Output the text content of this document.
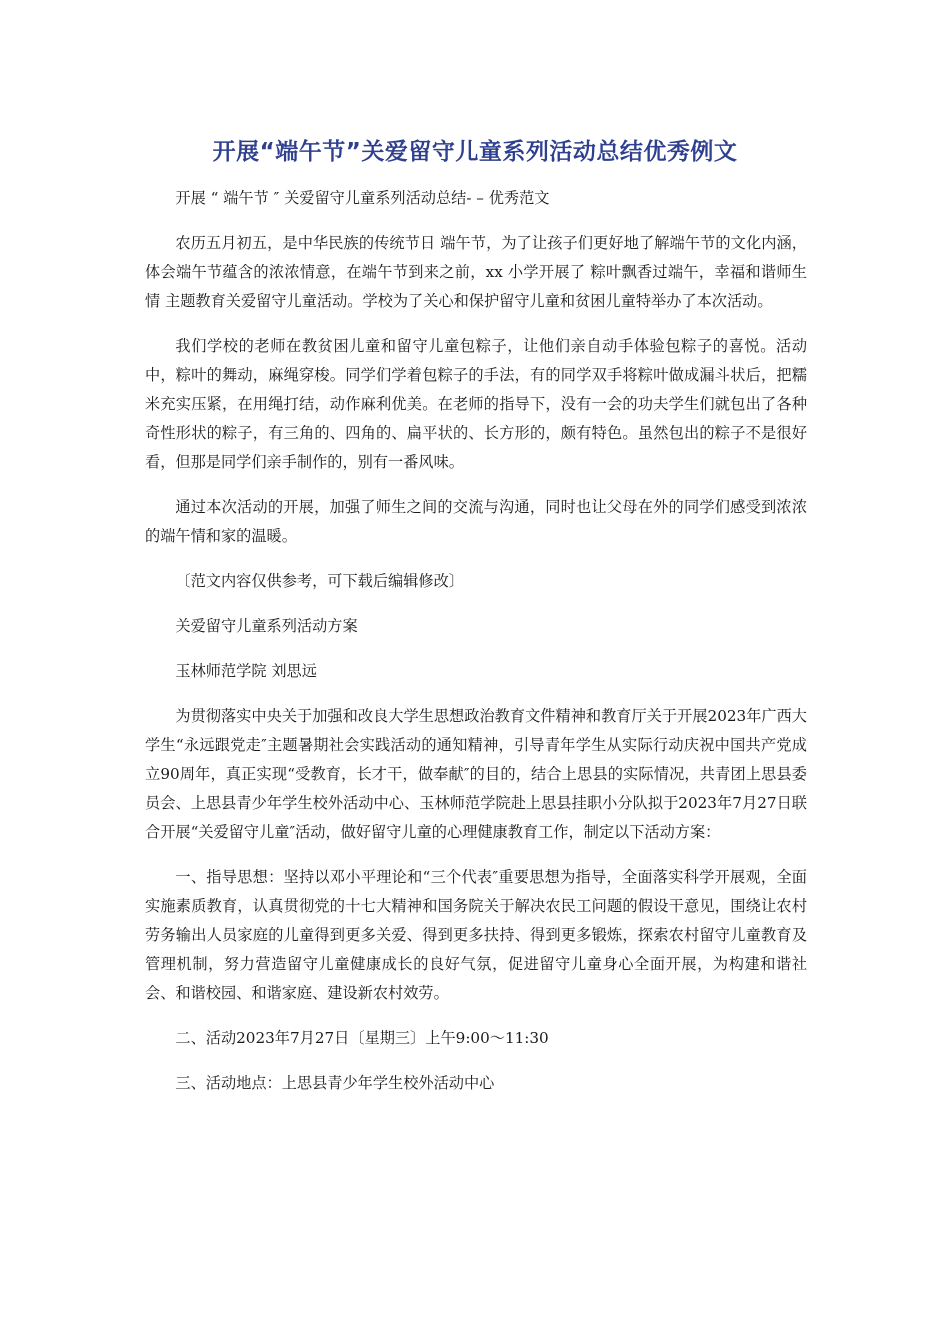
开展“端午节”关爱留守儿童系列活动总结优秀例文

开展 “ 端午节 ″ 关爱留守儿童系列活动总结- – 优秀范文

农历五月初五，是中华民族的传统节日 端午节，为了让孩子们更好地了解端午节的文化内涵，体会端午节蕴含的浓浓情意，在端午节到来之前，xx 小学开展了 粽叶飘香过端午，幸福和谐师生情 主题教育关爱留守儿童活动。学校为了关心和保护留守儿童和贫困儿童特举办了本次活动。

我们学校的老师在教贫困儿童和留守儿童包粽子，让他们亲自动手体验包粽子的喜悦。活动中，粽叶的舞动，麻绳穿梭。同学们学着包粽子的手法，有的同学双手将粽叶做成漏斗状后，把糯米充实压紧，在用绳打结，动作麻利优美。在老师的指导下，没有一会的功夫学生们就包出了各种奇性形状的粽子，有三角的、四角的、扁平状的、长方形的，颇有特色。虽然包出的粽子不是很好看，但那是同学们亲手制作的，别有一番风味。

通过本次活动的开展，加强了师生之间的交流与沟通，同时也让父母在外的同学们感受到浓浓的端午情和家的温暖。

〔范文内容仅供参考，可下载后编辑修改〕

关爱留守儿童系列活动方案

玉林师范学院 刘思远

为贯彻落实中央关于加强和改良大学生思想政治教育文件精神和教育厅关于开展2023年广西大学生“永远跟党走″主题暑期社会实践活动的通知精神，引导青年学生从实际行动庆祝中国共产党成立90周年，真正实现“受教育，长才干，做奉献″的目的，结合上思县的实际情况，共青团上思县委员会、上思县青少年学生校外活动中心、玉林师范学院赴上思县挂职小分队拟于2023年7月27日联合开展“关爱留守儿童″活动，做好留守儿童的心理健康教育工作，制定以下活动方案：

一、指导思想：坚持以邓小平理论和“三个代表″重要思想为指导，全面落实科学开展观，全面实施素质教育，认真贯彻党的十七大精神和国务院关于解决农民工问题的假设干意见，围绕让农村劳务输出人员家庭的儿童得到更多关爱、得到更多扶持、得到更多锻炼，探索农村留守儿童教育及管理机制，努力营造留守儿童健康成长的良好气氛，促进留守儿童身心全面开展，为构建和谐社会、和谐校园、和谐家庭、建设新农村效劳。

二、活动2023年7月27日〔星期三〕上午9:00～11:30

三、活动地点：上思县青少年学生校外活动中心
